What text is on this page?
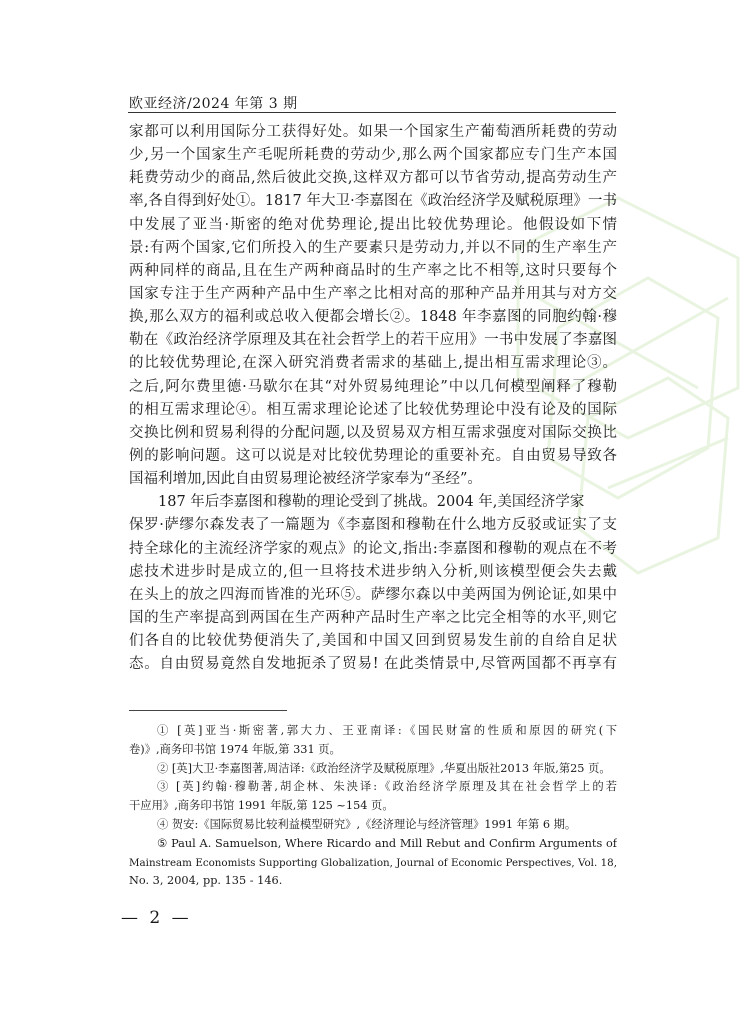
欧亚经济/2024 年第 3 期
家都可以利用国际分工获得好处。如果一个国家生产葡萄酒所耗费的劳动
少,另一个国家生产毛呢所耗费的劳动少,那么两个国家都应专门生产本国
耗费劳动少的商品,然后彼此交换,这样双方都可以节省劳动,提高劳动生产
率,各自得到好处①。1817 年大卫·李嘉图在《政治经济学及赋税原理》一书
中发展了亚当·斯密的绝对优势理论,提出比较优势理论。他假设如下情
景:有两个国家,它们所投入的生产要素只是劳动力,并以不同的生产率生产
两种同样的商品,且在生产两种商品时的生产率之比不相等,这时只要每个
国家专注于生产两种产品中生产率之比相对高的那种产品并用其与对方交
换,那么双方的福利或总收入便都会增长②。1848 年李嘉图的同胞约翰·穆
勒在《政治经济学原理及其在社会哲学上的若干应用》一书中发展了李嘉图
的比较优势理论,在深入研究消费者需求的基础上,提出相互需求理论③。
之后,阿尔费里德·马歇尔在其“对外贸易纯理论”中以几何模型阐释了穆勒
的相互需求理论④。相互需求理论论述了比较优势理论中没有论及的国际
交换比例和贸易利得的分配问题,以及贸易双方相互需求强度对国际交换比
例的影响问题。这可以说是对比较优势理论的重要补充。自由贸易导致各
国福利增加,因此自由贸易理论被经济学家奉为“圣经”。
187 年后李嘉图和穆勒的理论受到了挑战。2004 年,美国经济学家
保罗·萨缪尔森发表了一篇题为《李嘉图和穆勒在什么地方反驳或证实了支
持全球化的主流经济学家的观点》的论文,指出:李嘉图和穆勒的观点在不考
虑技术进步时是成立的,但一旦将技术进步纳入分析,则该模型便会失去戴
在头上的放之四海而皆准的光环⑤。萨缪尔森以中美两国为例论证,如果中
国的生产率提高到两国在生产两种产品时生产率之比完全相等的水平,则它
们各自的比较优势便消失了,美国和中国又回到贸易发生前的自给自足状
态。自由贸易竟然自发地扼杀了贸易! 在此类情景中,尽管两国都不再享有
① [英]亚当·斯密著,郭大力、王亚南译:《国民财富的性质和原因的研究(下
卷)》,商务印书馆 1974 年版,第 331 页。
② [英]大卫·李嘉图著,周洁译:《政治经济学及赋税原理》,华夏出版社2013 年版,第25 页。
③ [英]约翰·穆勒著,胡企林、朱泱译:《政治经济学原理及其在社会哲学上的若
干应用》,商务印书馆 1991 年版,第 125 ~154 页。
④ 贺安:《国际贸易比较利益模型研究》,《经济理论与经济管理》1991 年第 6 期。
⑤ Paul A. Samuelson, Where Ricardo and Mill Rebut and Confirm Arguments of
Mainstream Economists Supporting Globalization, Journal of Economic Perspectives, Vol. 18,
No. 3, 2004, pp. 135 - 146.
— 2 —
